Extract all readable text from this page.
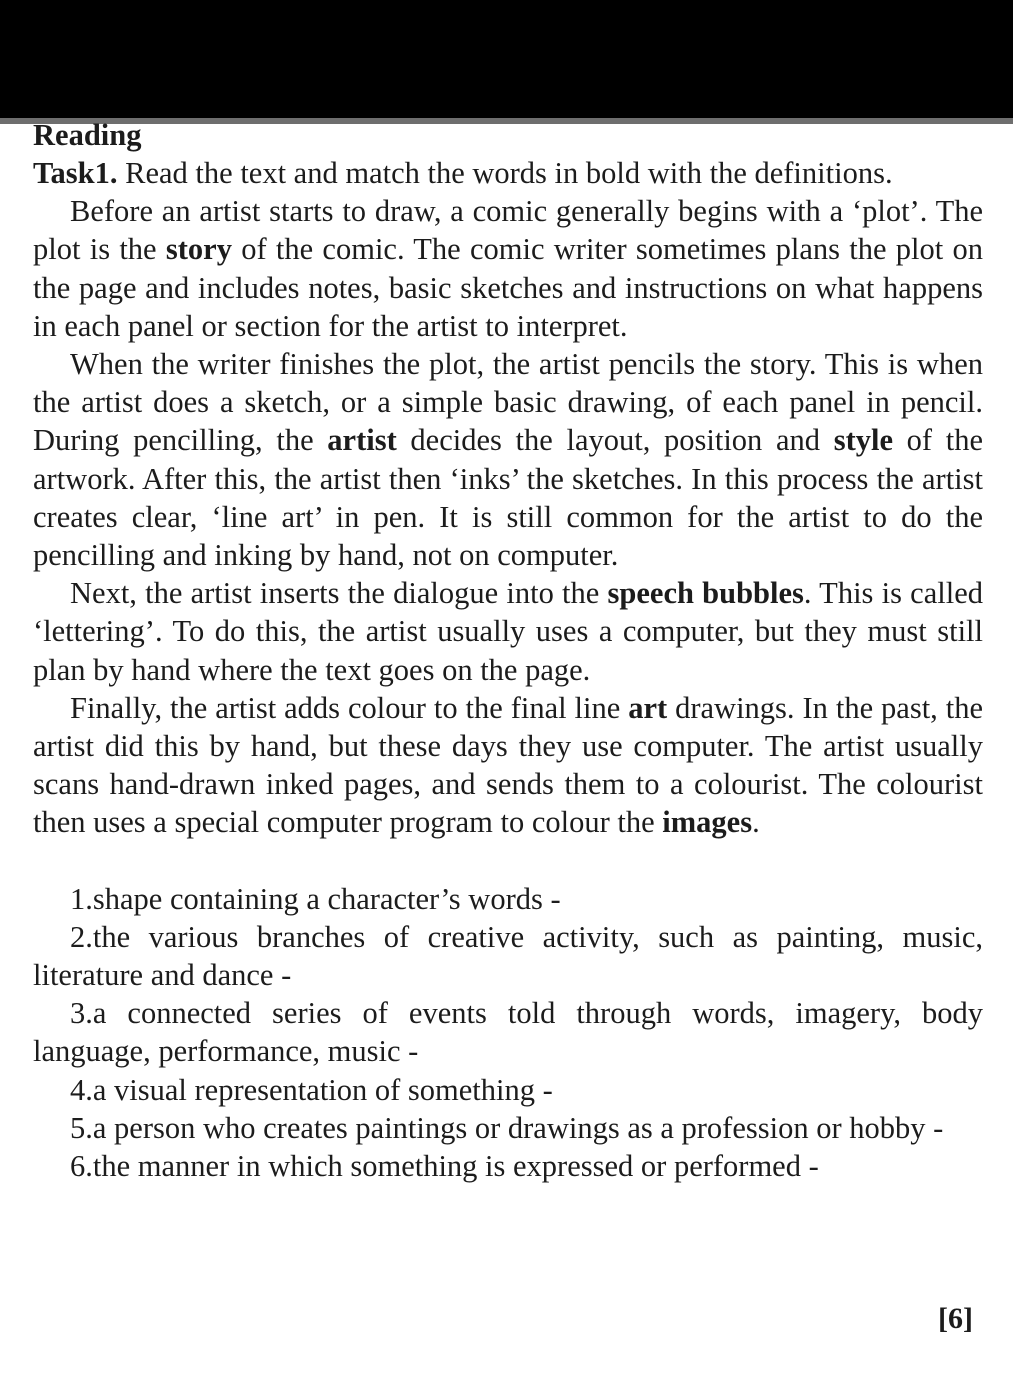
Reading

Task1. Read the text and match the words in bold with the definitions.

Before an artist starts to draw, a comic generally begins with a ‘plot’. The plot is the story of the comic. The comic writer sometimes plans the plot on the page and includes notes, basic sketches and instructions on what happens in each panel or section for the artist to interpret.

When the writer finishes the plot, the artist pencils the story. This is when the artist does a sketch, or a simple basic drawing, of each panel in pencil. During pencilling, the artist decides the layout, position and style of the artwork. After this, the artist then ‘inks’ the sketches. In this process the artist creates clear, ‘line art’ in pen. It is still common for the artist to do the pencilling and inking by hand, not on computer.

Next, the artist inserts the dialogue into the speech bubbles. This is called ‘lettering’. To do this, the artist usually uses a computer, but they must still plan by hand where the text goes on the page.

Finally, the artist adds colour to the final line art drawings. In the past, the artist did this by hand, but these days they use computer. The artist usually scans hand-drawn inked pages, and sends them to a colourist. The colourist then uses a special computer program to colour the images.

1.shape containing a character’s words -

2.the various branches of creative activity, such as painting, music, literature and dance -

3.a connected series of events told through words, imagery, body language, performance, music -

4.a visual representation of something -

5.a person who creates paintings or drawings as a profession or hobby -

6.the manner in which something is expressed or performed -

[6]
